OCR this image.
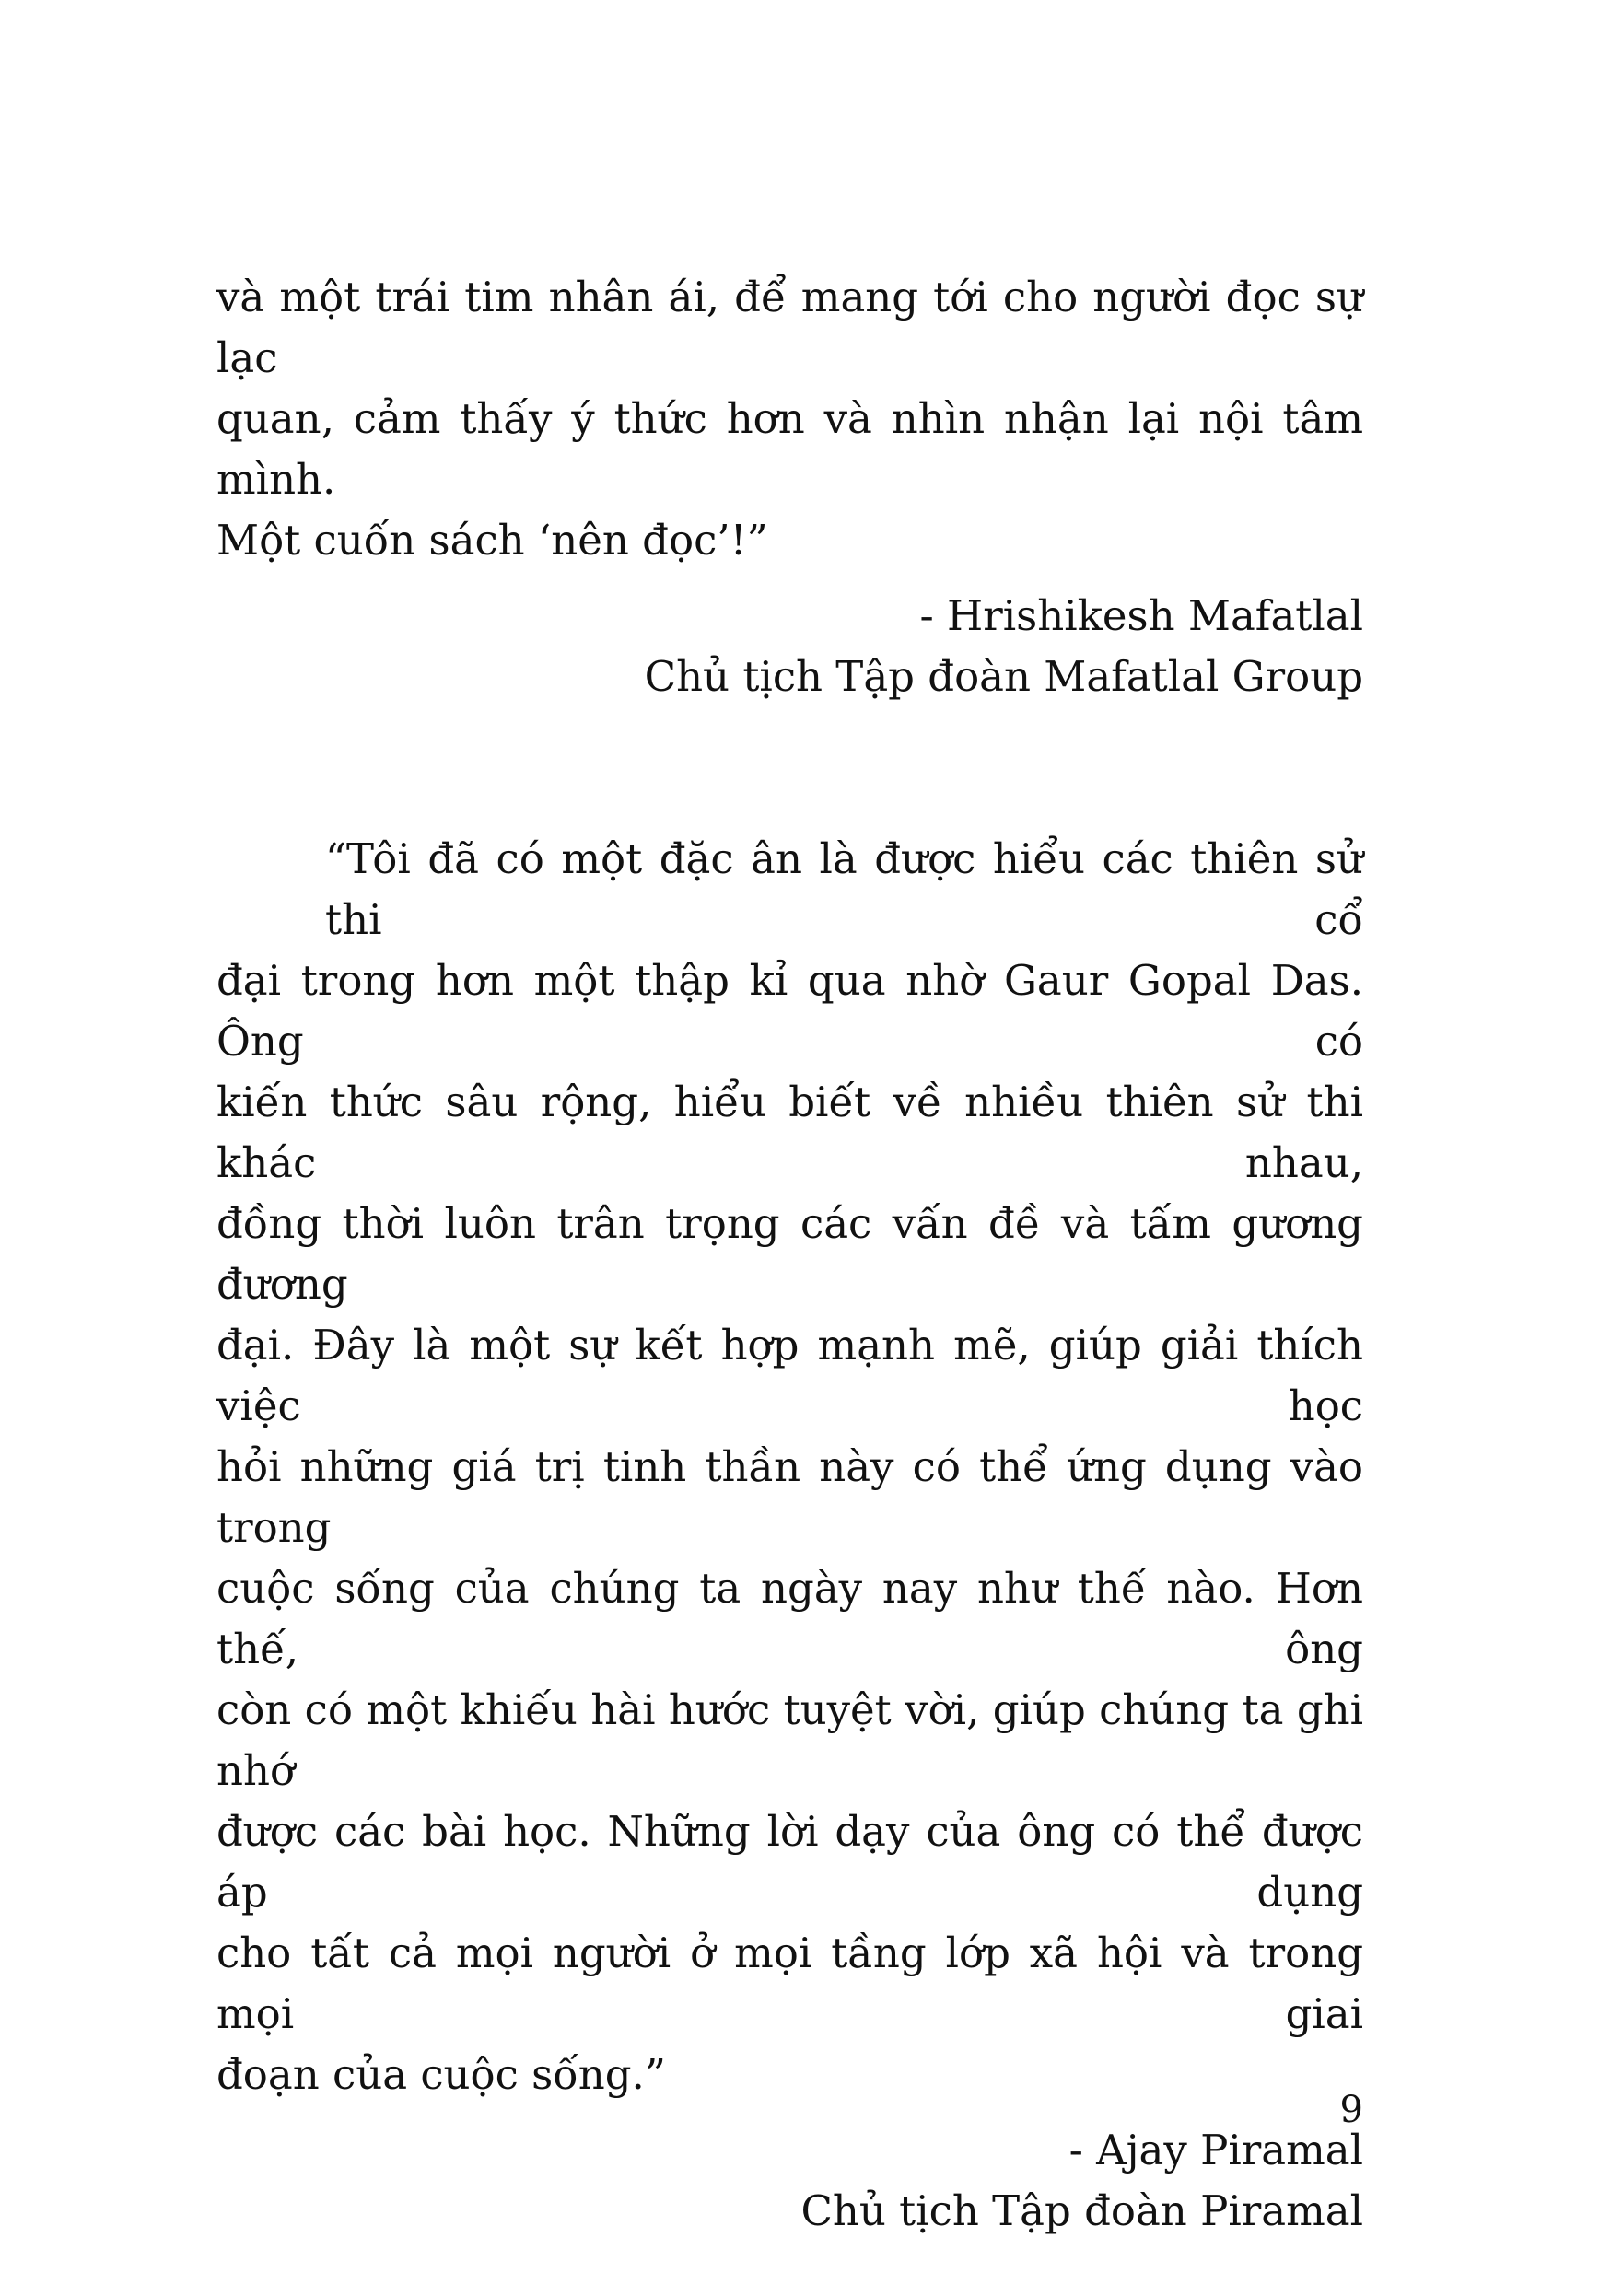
và một trái tim nhân ái, để mang tới cho người đọc sự lạc
quan, cảm thấy ý thức hơn và nhìn nhận lại nội tâm mình.
Một cuốn sách ‘nên đọc’!”

- Hrishikesh Mafatlal

Chủ tịch Tập đoàn Mafatlal Group

“Tôi đã có một đặc ân là được hiểu các thiên sử thi cổ
đại trong hơn một thập kỉ qua nhờ Gaur Gopal Das. Ông có
kiến thức sâu rộng, hiểu biết về nhiều thiên sử thi khác nhau,
đồng thời luôn trân trọng các vấn đề và tấm gương đương
đại. Đây là một sự kết hợp mạnh mẽ, giúp giải thích việc học
hỏi những giá trị tinh thần này có thể ứng dụng vào trong
cuộc sống của chúng ta ngày nay như thế nào. Hơn thế, ông
còn có một khiếu hài hước tuyệt vời, giúp chúng ta ghi nhớ
được các bài học. Những lời dạy của ông có thể được áp dụng
cho tất cả mọi người ở mọi tầng lớp xã hội và trong mọi giai
đoạn của cuộc sống.”

- Ajay Piramal

Chủ tịch Tập đoàn Piramal

9
